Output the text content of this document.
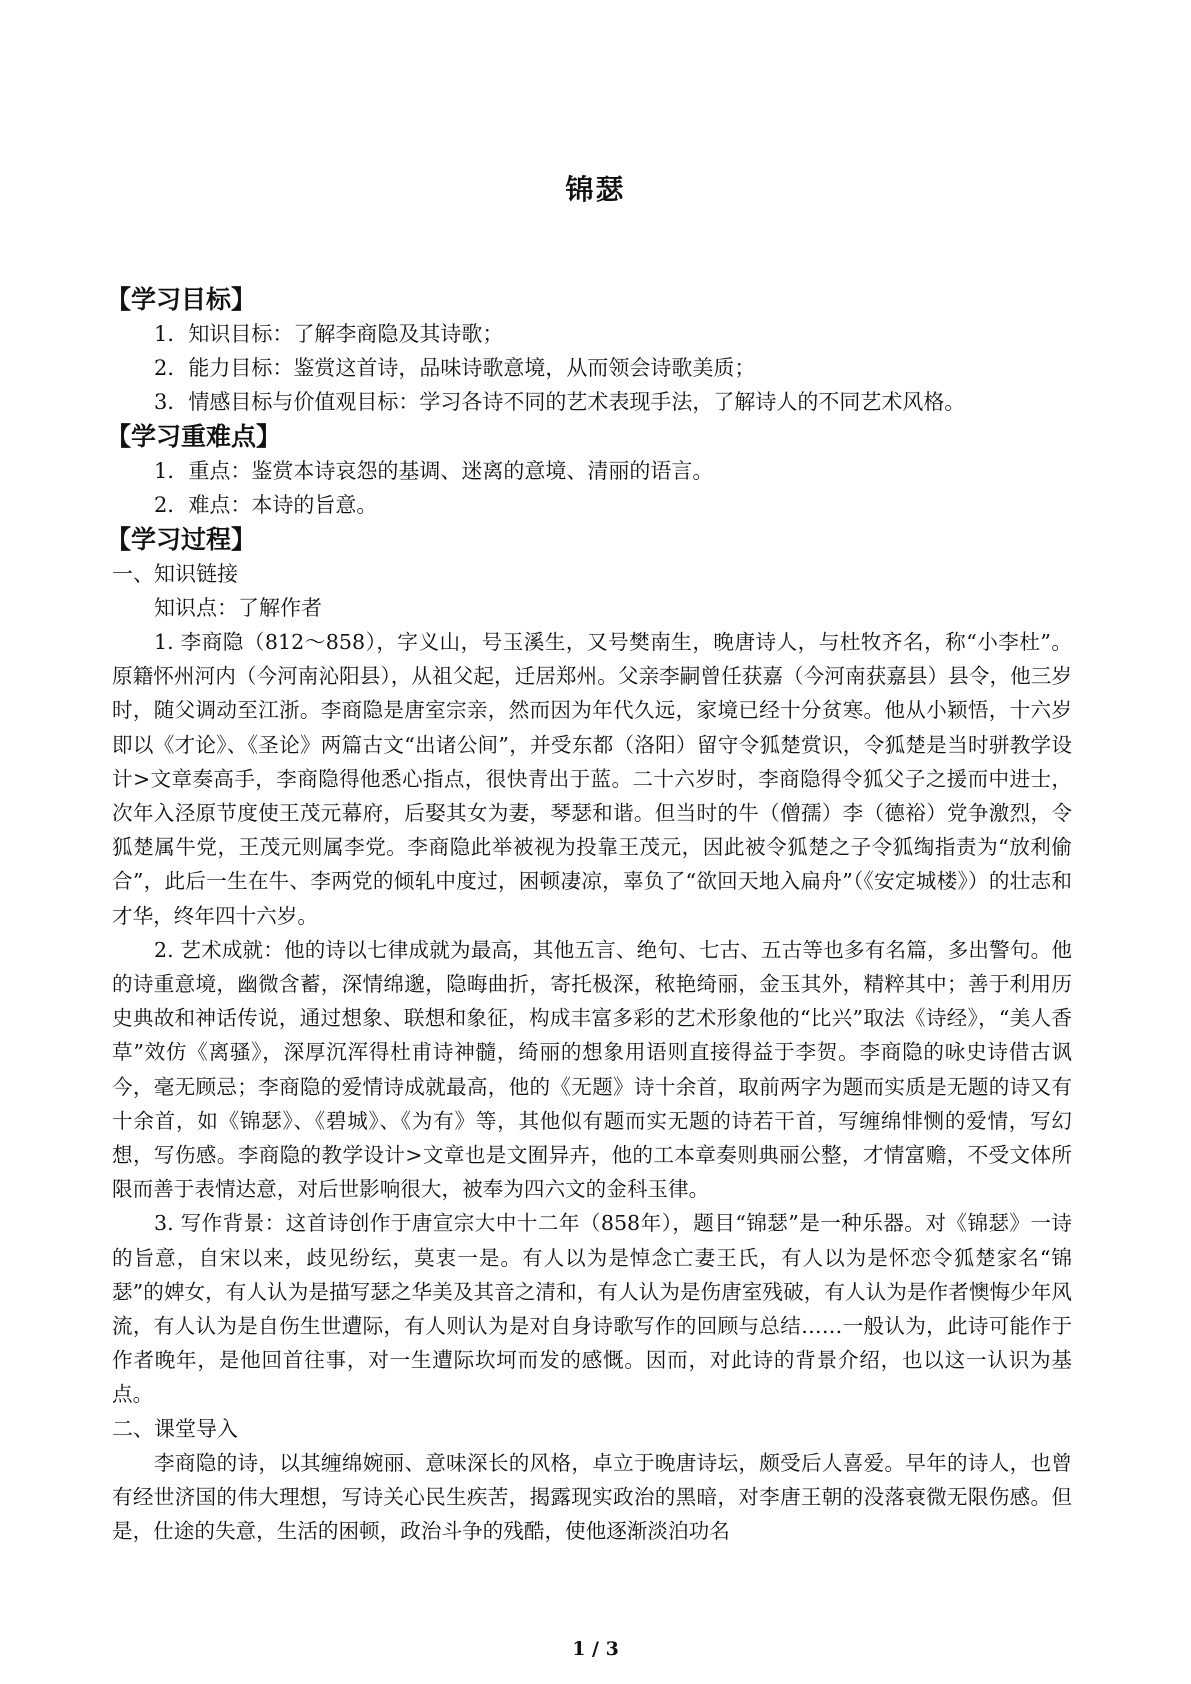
锦瑟
【学习目标】
1．知识目标：了解李商隐及其诗歌；
2．能力目标：鉴赏这首诗，品味诗歌意境，从而领会诗歌美质；
3．情感目标与价值观目标：学习各诗不同的艺术表现手法，了解诗人的不同艺术风格。
【学习重难点】
1．重点：鉴赏本诗哀怨的基调、迷离的意境、清丽的语言。
2．难点：本诗的旨意。
【学习过程】
一、知识链接
知识点：了解作者

1. 李商隐（812～858），字义山，号玉溪生，又号樊南生，晚唐诗人，与杜牧齐名，称“小李杜”。原籍怀州河内（今河南沁阳县），从祖父起，迁居郑州。父亲李嗣曾任获嘉（今河南获嘉县）县令，他三岁时，随父调动至江浙。李商隐是唐室宗亲，然而因为年代久远，家境已经十分贫寒。他从小颖悟，十六岁即以《才论》、《圣论》两篇古文“出诸公间”，并受东都（洛阳）留守令狐楚赏识，令狐楚是当时骈教学设计>文章奏高手，李商隐得他悉心指点，很快青出于蓝。二十六岁时，李商隐得令狐父子之援而中进士，次年入泾原节度使王茂元幕府，后娶其女为妻，琴瑟和谐。但当时的牛（僧孺）李（德裕）党争激烈，令狐楚属牛党，王茂元则属李党。李商隐此举被视为投靠王茂元，因此被令狐楚之子令狐绹指责为“放利偷合”，此后一生在牛、李两党的倾轧中度过，困顿凄凉，辜负了“欲回天地入扁舟”（《安定城楼》）的壮志和才华，终年四十六岁。

2. 艺术成就：他的诗以七律成就为最高，其他五言、绝句、七古、五古等也多有名篇，多出警句。他的诗重意境，幽微含蓄，深情绵邈，隐晦曲折，寄托极深，秾艳绮丽，金玉其外，精粹其中；善于利用历史典故和神话传说，通过想象、联想和象征，构成丰富多彩的艺术形象他的“比兴”取法《诗经》，“美人香草”效仿《离骚》，深厚沉浑得杜甫诗神髓，绮丽的想象用语则直接得益于李贺。李商隐的咏史诗借古讽今，毫无顾忌；李商隐的爱情诗成就最高，他的《无题》诗十余首，取前两字为题而实质是无题的诗又有十余首，如《锦瑟》、《碧城》、《为有》等，其他似有题而实无题的诗若干首，写缠绵悱恻的爱情，写幻想，写伤感。李商隐的教学设计>文章也是文囿异卉，他的工本章奏则典丽公整，才情富赡，不受文体所限而善于表情达意，对后世影响很大，被奉为四六文的金科玉律。

3. 写作背景：这首诗创作于唐宣宗大中十二年（858年），题目“锦瑟”是一种乐器。对《锦瑟》一诗的旨意，自宋以来，歧见纷纭，莫衷一是。有人以为是悼念亡妻王氏，有人以为是怀恋令狐楚家名“锦瑟”的婢女，有人认为是描写瑟之华美及其音之清和，有人认为是伤唐室残破，有人认为是作者懊悔少年风流，有人认为是自伤生世遭际，有人则认为是对自身诗歌写作的回顾与总结……一般认为，此诗可能作于作者晚年，是他回首往事，对一生遭际坎坷而发的感慨。因而，对此诗的背景介绍，也以这一认识为基点。

二、课堂导入

李商隐的诗，以其缠绵婉丽、意味深长的风格，卓立于晚唐诗坛，颇受后人喜爱。早年的诗人，也曾有经世济国的伟大理想，写诗关心民生疾苦，揭露现实政治的黑暗，对李唐王朝的没落衰微无限伤感。但是，仕途的失意，生活的困顿，政治斗争的残酷，使他逐渐淡泊功名

1 / 3
